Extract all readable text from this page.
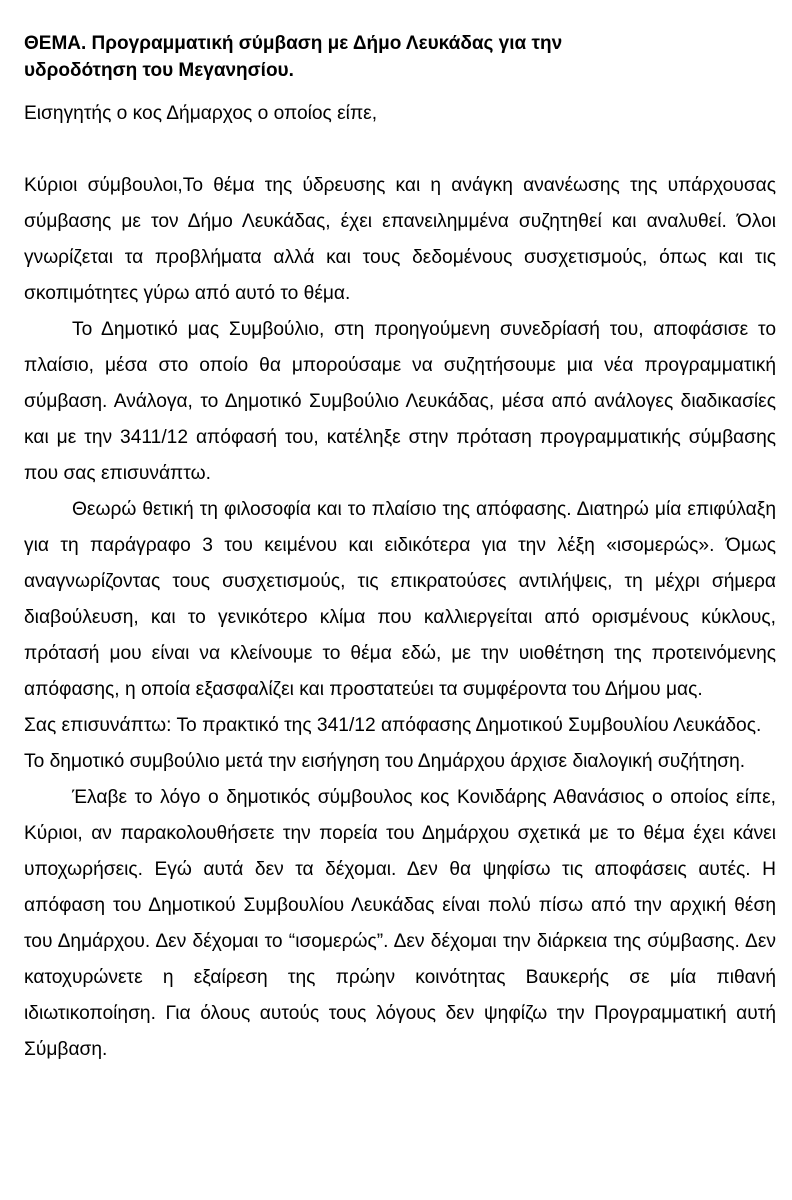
ΘΕΜΑ. Προγραμματική σύμβαση με Δήμο Λευκάδας για την
υδροδότηση του Μεγανησίου.

Εισηγητής ο κος Δήμαρχος ο οποίος είπε,

Κύριοι σύμβουλοι,Το θέμα της ύδρευσης και η ανάγκη ανανέωσης της υπάρχουσας σύμβασης με τον Δήμο Λευκάδας, έχει επανειλημμένα συζητηθεί και αναλυθεί. Όλοι γνωρίζεται τα προβλήματα αλλά και τους δεδομένους συσχετισμούς, όπως και τις σκοπιμότητες γύρω από αυτό το θέμα.

Το Δημοτικό μας Συμβούλιο, στη προηγούμενη συνεδρίασή του, αποφάσισε το πλαίσιο, μέσα στο οποίο θα μπορούσαμε να συζητήσουμε μια νέα προγραμματική σύμβαση. Ανάλογα, το Δημοτικό Συμβούλιο Λευκάδας, μέσα από ανάλογες διαδικασίες και με την 3411/12 απόφασή του, κατέληξε στην πρόταση προγραμματικής σύμβασης που σας επισυνάπτω.

Θεωρώ θετική τη φιλοσοφία και το πλαίσιο της απόφασης. Διατηρώ μία επιφύλαξη για τη παράγραφο 3 του κειμένου και ειδικότερα για την λέξη «ισομερώς». Όμως αναγνωρίζοντας τους συσχετισμούς, τις επικρατούσες αντιλήψεις, τη μέχρι σήμερα διαβούλευση, και το γενικότερο κλίμα που καλλιεργείται από ορισμένους κύκλους, πρότασή μου είναι να κλείνουμε το θέμα εδώ, με την υιοθέτηση της προτεινόμενης απόφασης, η οποία εξασφαλίζει και προστατεύει τα συμφέροντα του Δήμου μας.

Σας επισυνάπτω: Το πρακτικό της 341/12 απόφασης Δημοτικού Συμβουλίου Λευκάδος.

Το δημοτικό συμβούλιο μετά την εισήγηση του Δημάρχου άρχισε διαλογική συζήτηση.

Έλαβε το λόγο ο δημοτικός σύμβουλος κος Κονιδάρης Αθανάσιος ο οποίος είπε, Κύριοι, αν παρακολουθήσετε την πορεία του Δημάρχου σχετικά με το θέμα έχει κάνει υποχωρήσεις. Εγώ αυτά δεν τα δέχομαι. Δεν θα ψηφίσω τις αποφάσεις αυτές. Η απόφαση του Δημοτικού Συμβουλίου Λευκάδας είναι πολύ πίσω από την αρχική θέση του Δημάρχου. Δεν δέχομαι το “ισομερώς”. Δεν δέχομαι την διάρκεια της σύμβασης. Δεν κατοχυρώνετε η εξαίρεση της πρώην κοινότητας Βαυκερής σε μία πιθανή ιδιωτικοποίηση. Για όλους αυτούς τους λόγους δεν ψηφίζω την Προγραμματική αυτή Σύμβαση.
